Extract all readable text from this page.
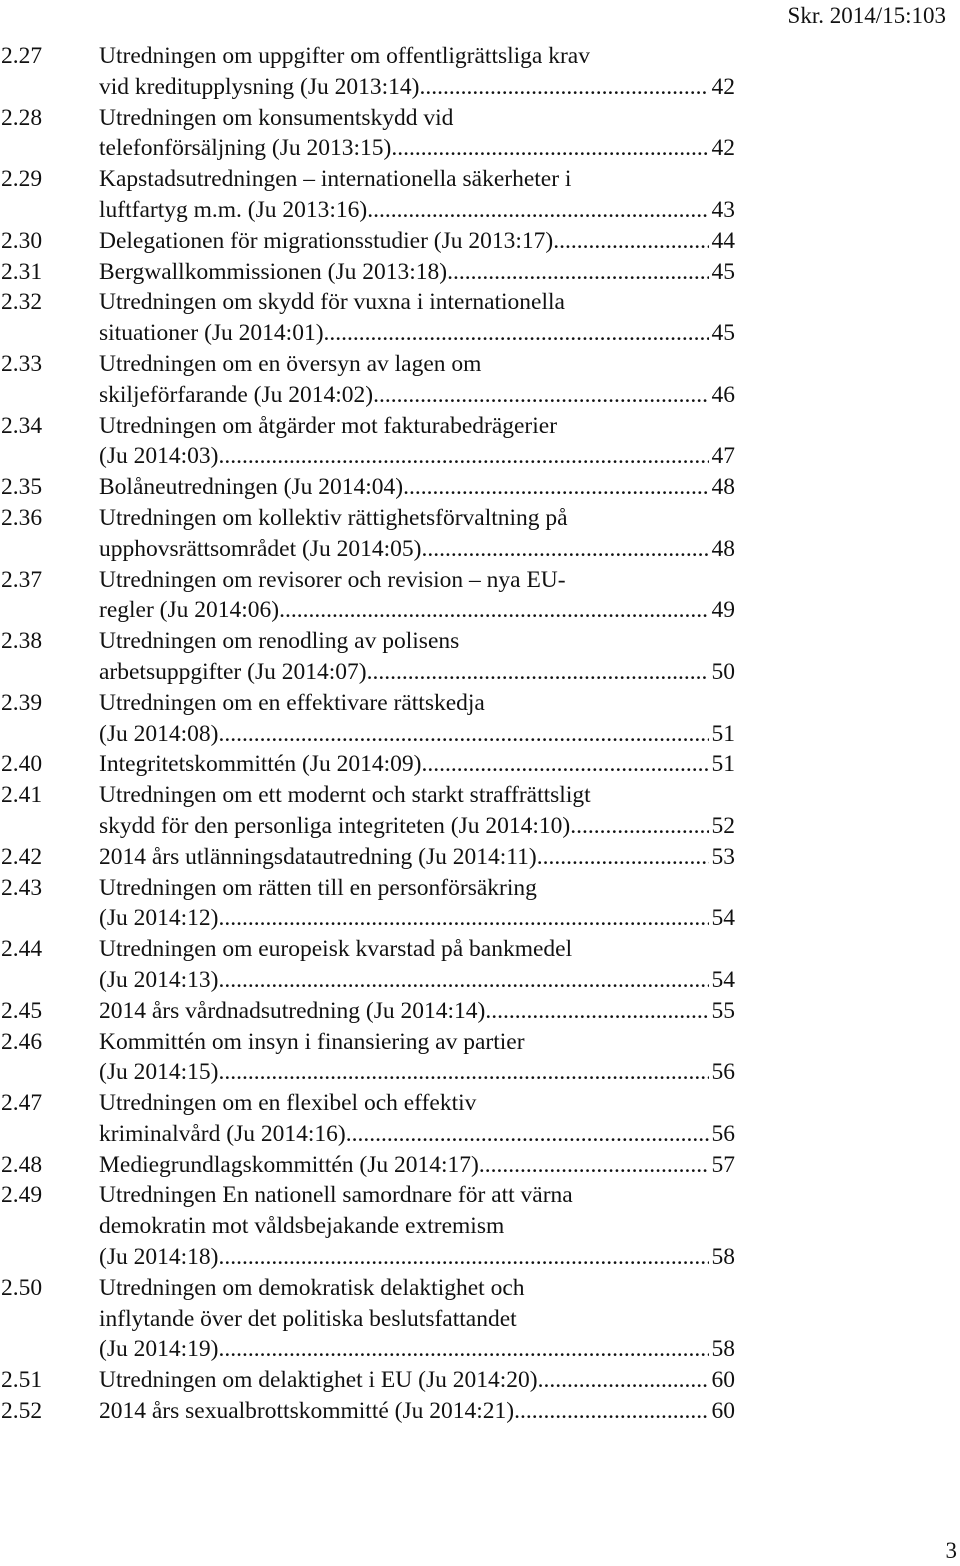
Skr. 2014/15:103
2.27 Utredningen om uppgifter om offentligrättsliga krav
vid kreditupplysning (Ju 2013:14) .....	42
2.28 Utredningen om konsumentskydd vid
telefonförsäljning (Ju 2013:15) .....	42
2.29 Kapstadsutredningen – internationella säkerheter i
luftfartyg m.m. (Ju 2013:16) .....	43
2.30 Delegationen för migrationsstudier (Ju 2013:17) .....	44
2.31 Bergwallkommissionen (Ju 2013:18) .....	45
2.32 Utredningen om skydd för vuxna i internationella
situationer (Ju 2014:01) .....	45
2.33 Utredningen om en översyn av lagen om
skiljeförfarande (Ju 2014:02) .....	46
2.34 Utredningen om åtgärder mot fakturabedrägerier
(Ju 2014:03) .....	47
2.35 Bolåneutredningen (Ju 2014:04) .....	48
2.36 Utredningen om kollektiv rättighetsförvaltning på
upphovsrättsområdet (Ju 2014:05) .....	48
2.37 Utredningen om revisorer och revision – nya EU-
regler (Ju 2014:06) .....	49
2.38 Utredningen om renodling av polisens
arbetsuppgifter (Ju 2014:07) .....	50
2.39 Utredningen om en effektivare rättskedja
(Ju 2014:08) .....	51
2.40 Integritetskommittén (Ju 2014:09) .....	51
2.41 Utredningen om ett modernt och starkt straffrättsligt
skydd för den personliga integriteten (Ju 2014:10) .....	52
2.42 2014 års utlänningsdatautredning (Ju 2014:11) .....	53
2.43 Utredningen om rätten till en personförsäkring
(Ju 2014:12) .....	54
2.44 Utredningen om europeisk kvarstad på bankmedel
(Ju 2014:13) .....	54
2.45 2014 års vårdnadsutredning (Ju 2014:14) .....	55
2.46 Kommittén om insyn i finansiering av partier
(Ju 2014:15) .....	56
2.47 Utredningen om en flexibel och effektiv
kriminalvård (Ju 2014:16) .....	56
2.48 Mediegrundlagskommittén (Ju 2014:17) .....	57
2.49 Utredningen En nationell samordnare för att värna
demokratin mot våldsbejakande extremism
(Ju 2014:18) .....	58
2.50 Utredningen om demokratisk delaktighet och
inflytande över det politiska beslutsfattandet
(Ju 2014:19) .....	58
2.51 Utredningen om delaktighet i EU (Ju 2014:20) .....	60
2.52 2014 års sexualbrottskommitté (Ju 2014:21) .....	60
3
